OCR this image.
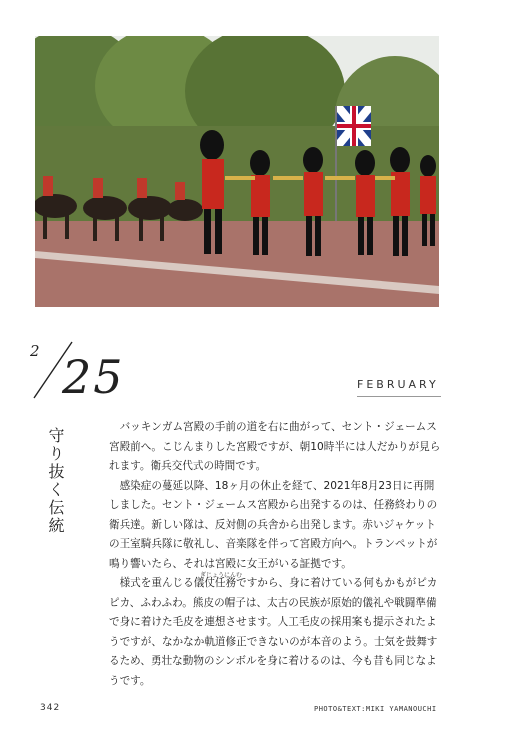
2 25	FEBRUARY
守り抜く伝統
ぎじょうにんむ

バッキンガム宮殿の手前の道を右に曲がって、セント・ジェームス宮殿前へ。こじんまりした宮殿ですが、朝10時半には人だかりが見られます。衛兵交代式の時間です。

感染症の蔓延以降、18ヶ月の休止を経て、2021年8月23日に再開しました。セント・ジェームス宮殿から出発するのは、任務終わりの衛兵達。新しい隊は、反対側の兵舎から出発します。赤いジャケットの王室騎兵隊に敬礼し、音楽隊を伴って宮殿方向へ。トランペットが鳴り響いたら、それは宮殿に女王がいる証拠です。

様式を重んじる儀仗任務ですから、身に着けている何もかもがピカピカ、ふわふわ。熊皮の帽子は、太古の民族が原始的儀礼や戦闘準備で身に着けた毛皮を連想させます。人工毛皮の採用案も提示されたようですが、なかなか軌道修正できないのが本音のよう。士気を鼓舞するため、勇壮な動物のシンボルを身に着けるのは、今も昔も同じなようです。

342	PHOTO&TEXT:MIKI YAMANOUCHI
